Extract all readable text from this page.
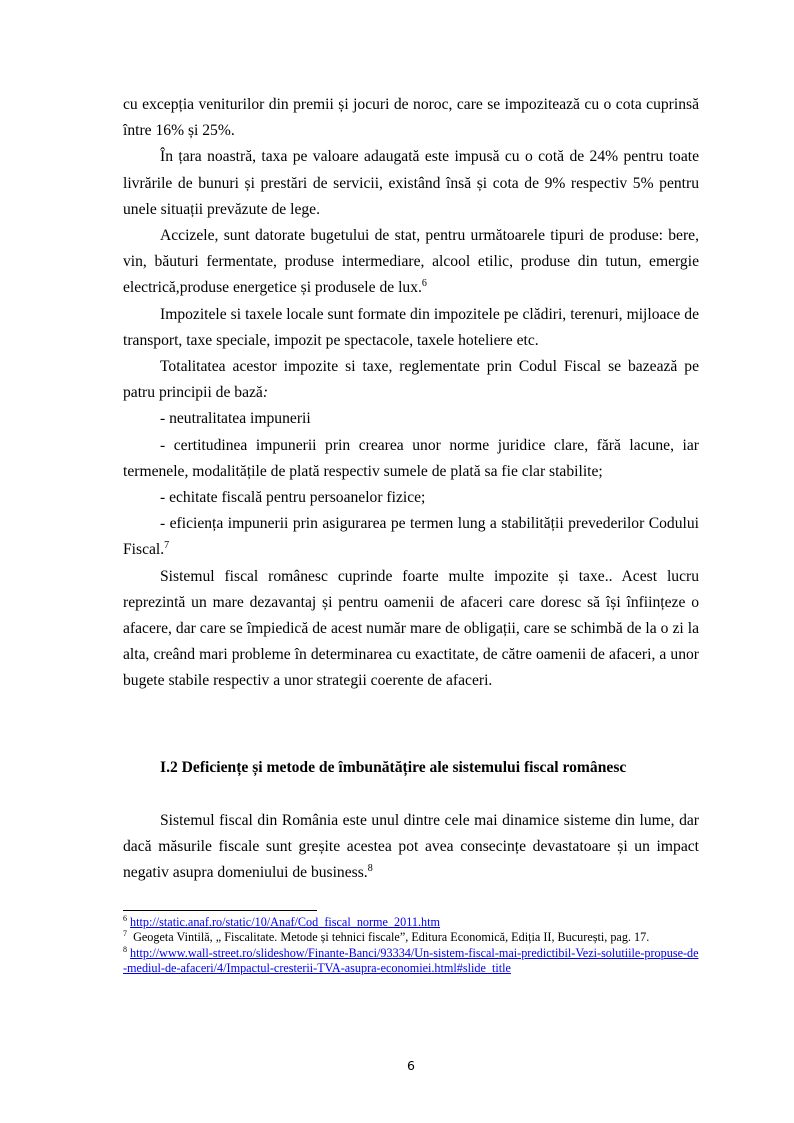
cu excepția veniturilor din premii și jocuri de noroc, care se impozitează cu o cota cuprinsă între 16% și 25%.

În țara noastră, taxa pe valoare adaugată este impusă cu o cotă de 24% pentru toate livrările de bunuri și prestări de servicii, existând însă și cota de 9% respectiv 5% pentru unele situații prevăzute de lege.

Accizele, sunt datorate bugetului de stat, pentru următoarele tipuri de produse: bere, vin, băuturi fermentate, produse intermediare, alcool etilic, produse din tutun, emergie electrică,produse energetice și produsele de lux.$^6$

Impozitele si taxele locale sunt formate din impozitele pe clădiri, terenuri, mijloace de transport, taxe speciale, impozit pe spectacole, taxele hoteliere etc.

Totalitatea acestor impozite si taxe, reglementate prin Codul Fiscal se bazează pe patru principii de bază:

- neutralitatea impunerii

- certitudinea impunerii prin crearea unor norme juridice clare, fără lacune, iar termenele, modalitățile de plată respectiv sumele de plată sa fie clar stabilite;

- echitate fiscală pentru persoanelor fizice;

- eficiența impunerii prin asigurarea pe termen lung a stabilității prevederilor Codului Fiscal.$^7$

Sistemul fiscal românesc cuprinde foarte multe impozite și taxe.. Acest lucru reprezintă un mare dezavantaj și pentru oamenii de afaceri care doresc să își înființeze o afacere, dar care se împiedică de acest număr mare de obligații, care se schimbă de la o zi la alta, creând mari probleme în determinarea cu exactitate, de către oamenii de afaceri, a unor bugete stabile respectiv a unor strategii coerente de afaceri.

I.2 Deficiențe și metode de îmbunătățire ale sistemului fiscal românesc

Sistemul fiscal din România este unul dintre cele mai dinamice sisteme din lume, dar dacă măsurile fiscale sunt greșite acestea pot avea consecințe devastatoare și un impact negativ asupra domeniului de business.$^8$

$^6$ http://static.anaf.ro/static/10/Anaf/Cod_fiscal_norme_2011.htm

$^7$  Geogeta Vintilă, „ Fiscalitate. Metode și tehnici fiscale”, Editura Economică, Ediția II, București, pag. 17.

$^8$ http://www.wall-street.ro/slideshow/Finante-Banci/93334/Un-sistem-fiscal-mai-predictibil-Vezi-solutiile-propuse-de-mediul-de-afaceri/4/Impactul-cresterii-TVA-asupra-economiei.html#slide_title

6
